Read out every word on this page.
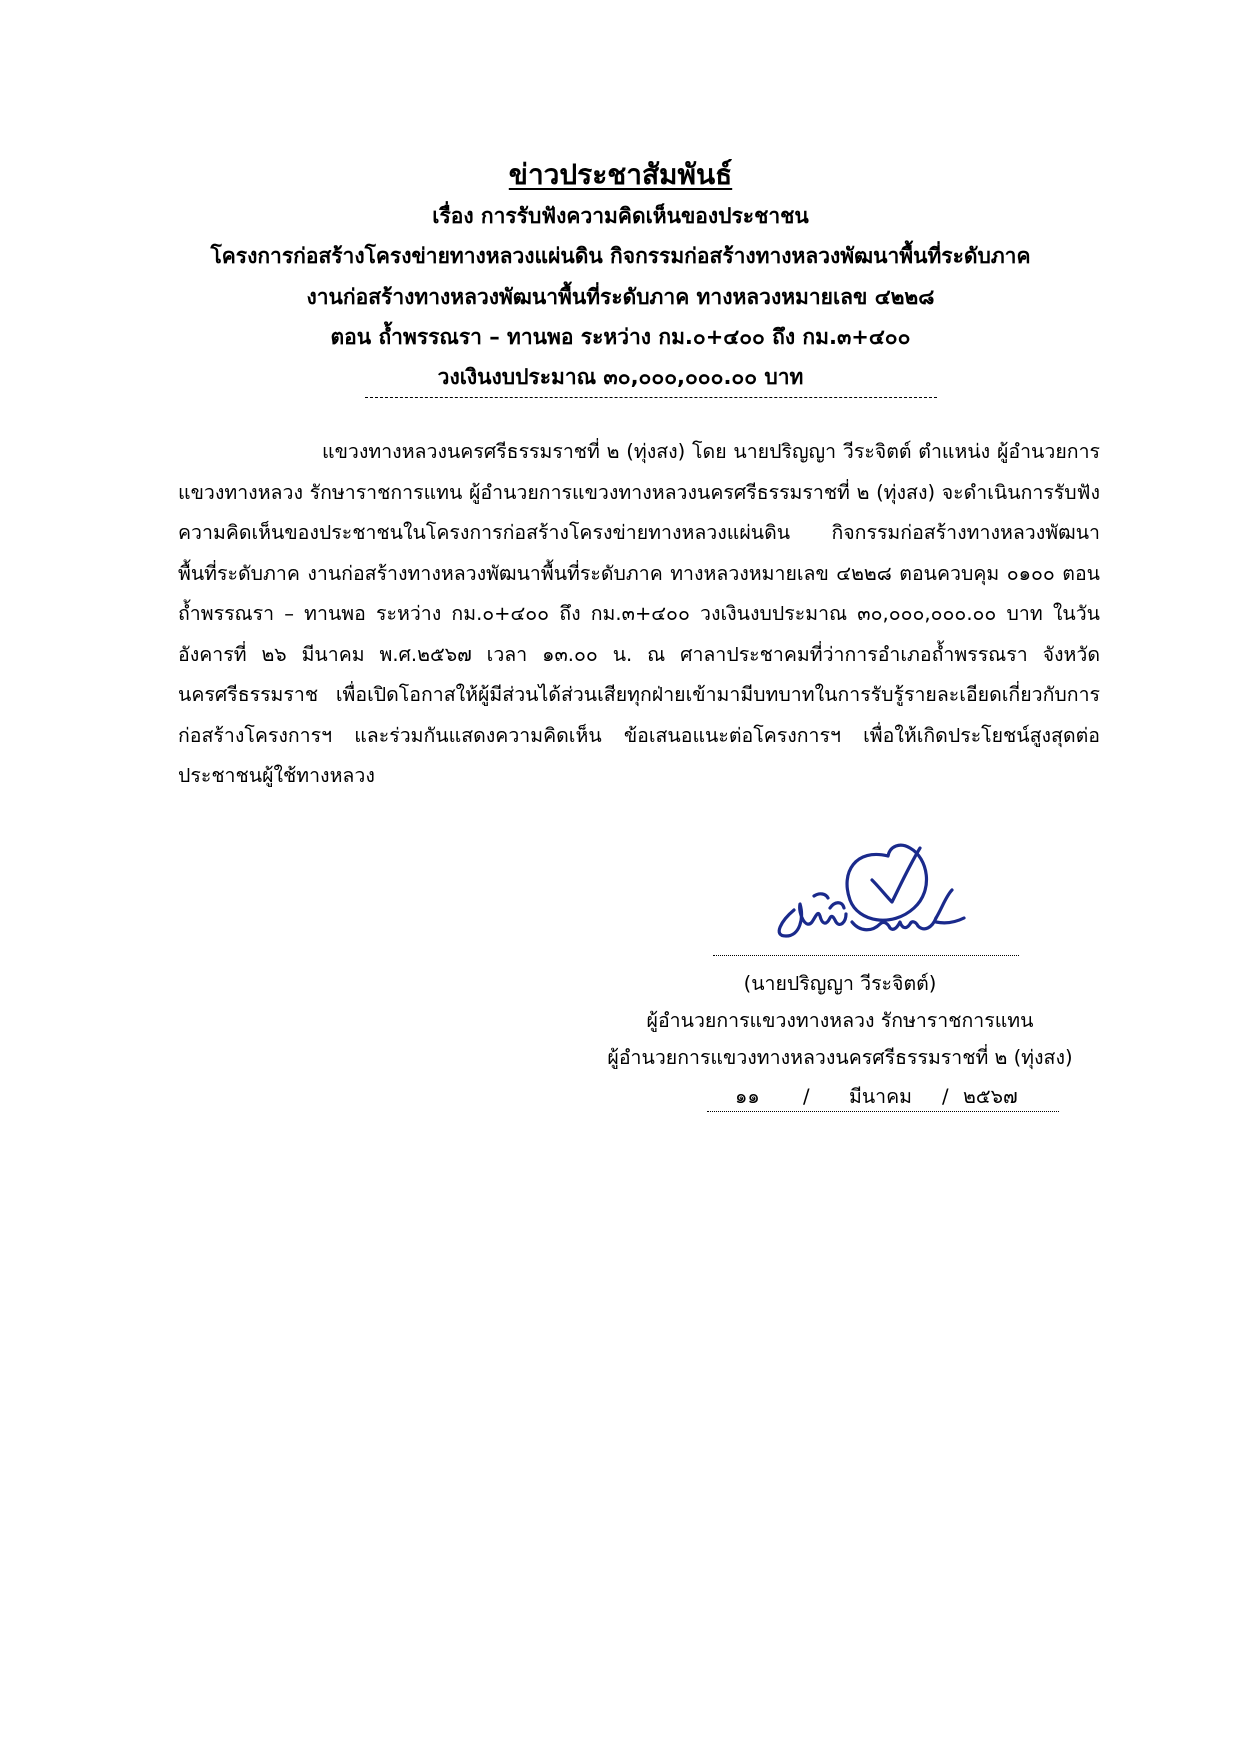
ข่าวประชาสัมพันธ์
เรื่อง การรับฟังความคิดเห็นของประชาชน
โครงการก่อสร้างโครงข่ายทางหลวงแผ่นดิน กิจกรรมก่อสร้างทางหลวงพัฒนาพื้นที่ระดับภาค
งานก่อสร้างทางหลวงพัฒนาพื้นที่ระดับภาค ทางหลวงหมายเลข ๔๒๒๘
ตอน ถ้ำพรรณรา – ทานพอ ระหว่าง กม.๐+๔๐๐ ถึง กม.๓+๔๐๐
วงเงินงบประมาณ ๓๐,๐๐๐,๐๐๐.๐๐ บาท

แขวงทางหลวงนครศรีธรรมราชที่ ๒ (ทุ่งสง) โดย นายปริญญา วีระจิตต์ ตำแหน่ง ผู้อำนวยการแขวงทางหลวง รักษาราชการแทน ผู้อำนวยการแขวงทางหลวงนครศรีธรรมราชที่ ๒ (ทุ่งสง) จะดำเนินการรับฟังความคิดเห็นของประชาชนในโครงการก่อสร้างโครงข่ายทางหลวงแผ่นดิน กิจกรรมก่อสร้างทางหลวงพัฒนาพื้นที่ระดับภาค งานก่อสร้างทางหลวงพัฒนาพื้นที่ระดับภาค ทางหลวงหมายเลข ๔๒๒๘ ตอนควบคุม ๐๑๐๐ ตอน ถ้ำพรรณรา – ทานพอ ระหว่าง กม.๐+๔๐๐ ถึง กม.๓+๔๐๐ วงเงินงบประมาณ ๓๐,๐๐๐,๐๐๐.๐๐ บาท ในวันอังคารที่ ๒๖ มีนาคม พ.ศ.๒๕๖๗ เวลา ๑๓.๐๐ น. ณ ศาลาประชาคมที่ว่าการอำเภอถ้ำพรรณรา จังหวัดนครศรีธรรมราช เพื่อเปิดโอกาสให้ผู้มีส่วนได้ส่วนเสียทุกฝ่ายเข้ามามีบทบาทในการรับรู้รายละเอียดเกี่ยวกับการก่อสร้างโครงการฯ และร่วมกันแสดงความคิดเห็น ข้อเสนอแนะต่อโครงการฯ เพื่อให้เกิดประโยชน์สูงสุดต่อประชาชนผู้ใช้ทางหลวง

(นายปริญญา วีระจิตต์)
ผู้อำนวยการแขวงทางหลวง รักษาราชการแทน
ผู้อำนวยการแขวงทางหลวงนครศรีธรรมราชที่ ๒ (ทุ่งสง)
๑๑ / มีนาคม / ๒๕๖๗
